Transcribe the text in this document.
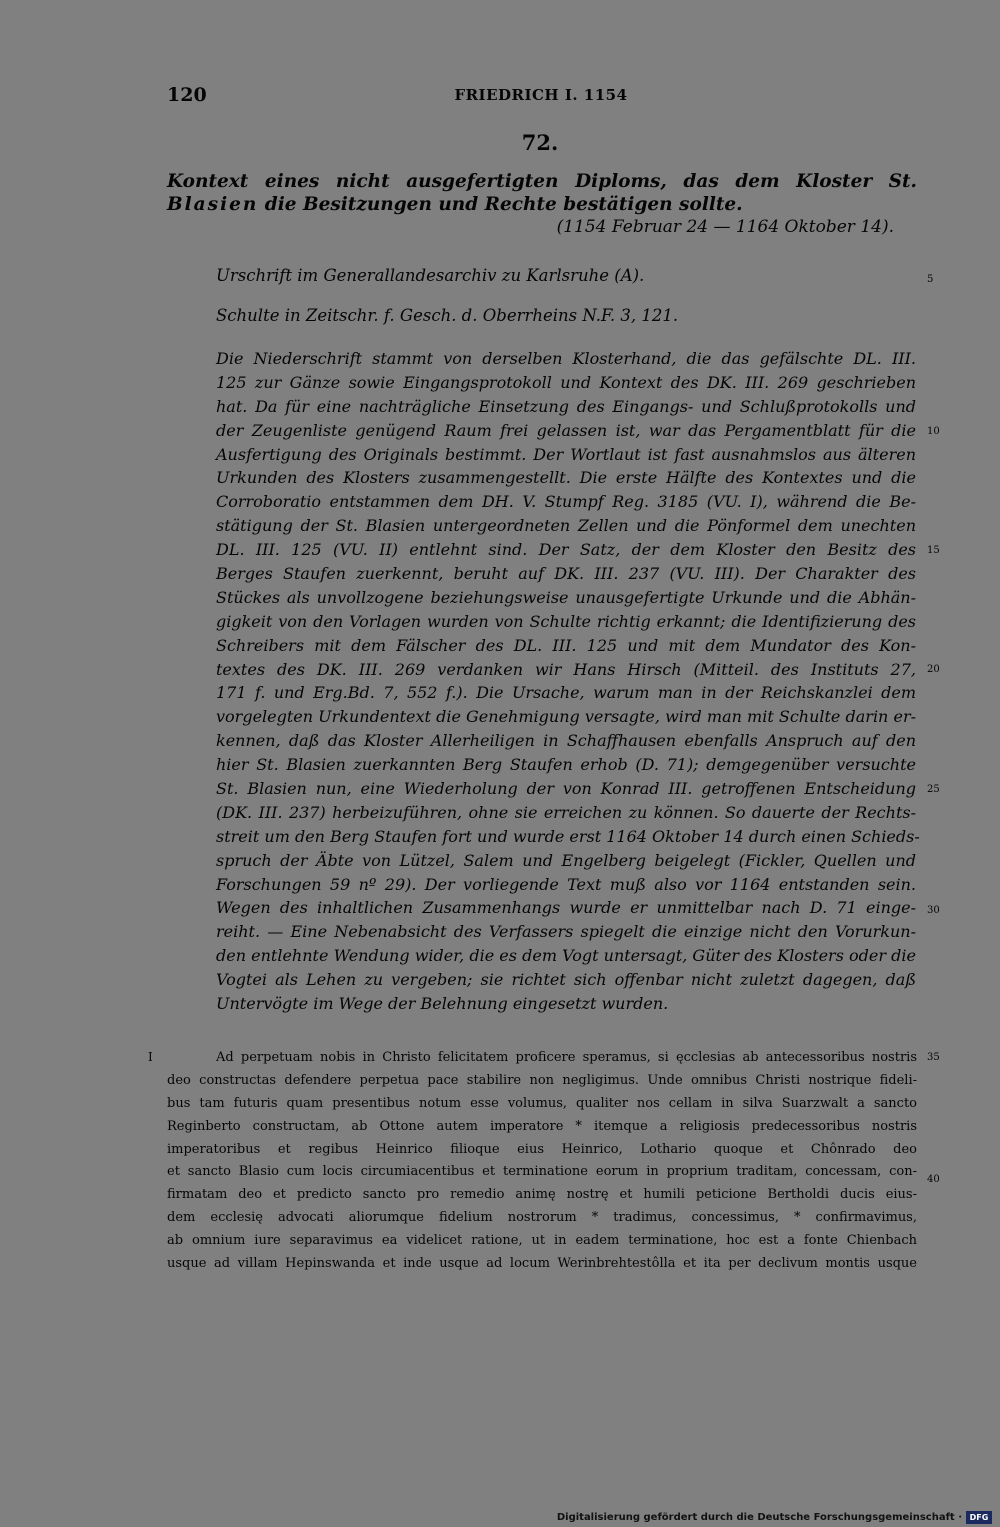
120	FRIEDRICH I. 1154
72.
Kontext eines nicht ausgefertigten Diploms, das dem Kloster St. Blasien die Besitzungen und Rechte bestätigen sollte.
(1154 Februar 24 — 1164 Oktober 14).
Urschrift im Generallandesarchiv zu Karlsruhe (A).
Schulte in Zeitschr. f. Gesch. d. Oberrheins N.F. 3, 121.
Die Niederschrift stammt von derselben Klosterhand, die das gefälschte DL. III.
125 zur Gänze sowie Eingangsprotokoll und Kontext des DK. III. 269 geschrieben
hat. Da für eine nachträgliche Einsetzung des Eingangs- und Schlußprotokolls und
der Zeugenliste genügend Raum frei gelassen ist, war das Pergamentblatt für die
Ausfertigung des Originals bestimmt. Der Wortlaut ist fast ausnahmslos aus älteren
Urkunden des Klosters zusammengestellt. Die erste Hälfte des Kontextes und die
Corroboratio entstammen dem DH. V. Stumpf Reg. 3185 (VU. I), während die Be-
stätigung der St. Blasien untergeordneten Zellen und die Pönformel dem unechten
DL. III. 125 (VU. II) entlehnt sind. Der Satz, der dem Kloster den Besitz des
Berges Staufen zuerkennt, beruht auf DK. III. 237 (VU. III). Der Charakter des
Stückes als unvollzogene beziehungsweise unausgefertigte Urkunde und die Abhän-
gigkeit von den Vorlagen wurden von Schulte richtig erkannt; die Identifizierung des
Schreibers mit dem Fälscher des DL. III. 125 und mit dem Mundator des Kon-
textes des DK. III. 269 verdanken wir Hans Hirsch (Mitteil. des Instituts 27,
171 f. und Erg.Bd. 7, 552 f.). Die Ursache, warum man in der Reichskanzlei dem
vorgelegten Urkundentext die Genehmigung versagte, wird man mit Schulte darin er-
kennen, daß das Kloster Allerheiligen in Schaffhausen ebenfalls Anspruch auf den
hier St. Blasien zuerkannten Berg Staufen erhob (D. 71); demgegenüber versuchte
St. Blasien nun, eine Wiederholung der von Konrad III. getroffenen Entscheidung
(DK. III. 237) herbeizuführen, ohne sie erreichen zu können. So dauerte der Rechts-
streit um den Berg Staufen fort und wurde erst 1164 Oktober 14 durch einen Schieds-
spruch der Äbte von Lützel, Salem und Engelberg beigelegt (Fickler, Quellen und
Forschungen 59 nº 29). Der vorliegende Text muß also vor 1164 entstanden sein.
Wegen des inhaltlichen Zusammenhangs wurde er unmittelbar nach D. 71 einge-
reiht. — Eine Nebenabsicht des Verfassers spiegelt die einzige nicht den Vorurkun-
den entlehnte Wendung wider, die es dem Vogt untersagt, Güter des Klosters oder die
Vogtei als Lehen zu vergeben; sie richtet sich offenbar nicht zuletzt dagegen, daß
Untervögte im Wege der Belehnung eingesetzt wurden.
5
10
15
20
25
30
35
40
I	Ad perpetuam nobis in Christo felicitatem proficere speramus, si ęcclesias ab antecessoribus nostris
deo constructas defendere perpetua pace stabilire non negligimus. Unde omnibus Christi nostrique fideli-
bus tam futuris quam presentibus notum esse volumus, qualiter nos cellam in silva Suarzwalt a sancto
Reginberto constructam, ab Ottone autem imperatore * itemque a religiosis predecessoribus nostris
imperatoribus et regibus Heinrico filioque eius Heinrico, Lothario quoque et Chônrado deo
et sancto Blasio cum locis circumiacentibus et terminatione eorum in proprium traditam, concessam, con-
firmatam deo et predicto sancto pro remedio animę nostrę et humili peticione Bertholdi ducis eius-
dem ecclesię advocati aliorumque fidelium nostrorum * tradimus, concessimus, * confirmavimus,
ab omnium iure separavimus ea videlicet ratione, ut in eadem terminatione, hoc est a fonte Chienbach
usque ad villam Hepinswanda et inde usque ad locum Werinbrehtestôlla et ita per declivum montis usque
Digitalisierung gefördert durch die Deutsche Forschungsgemeinschaft · DFG
